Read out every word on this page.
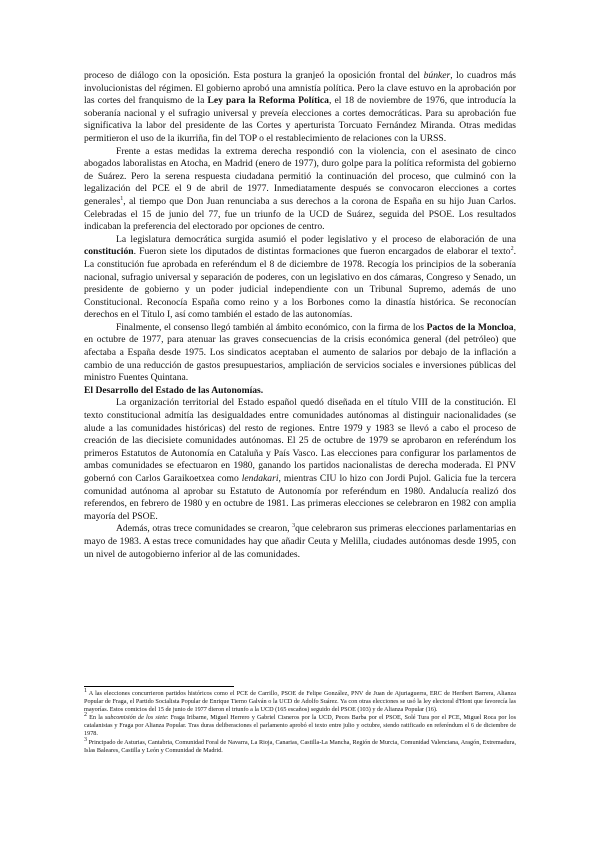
proceso de diálogo con la oposición. Esta postura la granjeó la oposición frontal del búnker, lo cuadros más involucionistas del régimen. El gobierno aprobó una amnistía política. Pero la clave estuvo en la aprobación por las cortes del franquismo de la Ley para la Reforma Política, el 18 de noviembre de 1976, que introducía la soberanía nacional y el sufragio universal y preveía elecciones a cortes democráticas. Para su aprobación fue significativa la labor del presidente de las Cortes y aperturista Torcuato Fernández Miranda. Otras medidas permitieron el uso de la ikurriña, fin del TOP o el restablecimiento de relaciones con la URSS.

Frente a estas medidas la extrema derecha respondió con la violencia, con el asesinato de cinco abogados laboralistas en Atocha, en Madrid (enero de 1977), duro golpe para la política reformista del gobierno de Suárez. Pero la serena respuesta ciudadana permitió la continuación del proceso, que culminó con la legalización del PCE el 9 de abril de 1977. Inmediatamente después se convocaron elecciones a cortes generales$^1$, al tiempo que Don Juan renunciaba a sus derechos a la corona de España en su hijo Juan Carlos. Celebradas el 15 de junio del 77, fue un triunfo de la UCD de Suárez, seguida del PSOE. Los resultados indicaban la preferencia del electorado por opciones de centro.

La legislatura democrática surgida asumió el poder legislativo y el proceso de elaboración de una constitución. Fueron siete los diputados de distintas formaciones que fueron encargados de elaborar el texto$^2$. La constitución fue aprobada en referéndum el 8 de diciembre de 1978. Recogía los principios de la soberanía nacional, sufragio universal y separación de poderes, con un legislativo en dos cámaras, Congreso y Senado, un presidente de gobierno y un poder judicial independiente con un Tribunal Supremo, además de uno Constitucional. Reconocía España como reino y a los Borbones como la dinastía histórica. Se reconocían derechos en el Título I, así como también el estado de las autonomías.

Finalmente, el consenso llegó también al ámbito económico, con la firma de los Pactos de la Moncloa, en octubre de 1977, para atenuar las graves consecuencias de la crisis económica general (del petróleo) que afectaba a España desde 1975. Los sindicatos aceptaban el aumento de salarios por debajo de la inflación a cambio de una reducción de gastos presupuestarios, ampliación de servicios sociales e inversiones públicas del ministro Fuentes Quintana.

El Desarrollo del Estado de las Autonomías.

La organización territorial del Estado español quedó diseñada en el título VIII de la constitución. El texto constitucional admitía las desigualdades entre comunidades autónomas al distinguir nacionalidades (se alude a las comunidades históricas) del resto de regiones. Entre 1979 y 1983 se llevó a cabo el proceso de creación de las diecisiete comunidades autónomas. El 25 de octubre de 1979 se aprobaron en referéndum los primeros Estatutos de Autonomía en Cataluña y País Vasco. Las elecciones para configurar los parlamentos de ambas comunidades se efectuaron en 1980, ganando los partidos nacionalistas de derecha moderada. El PNV gobernó con Carlos Garaikoetxea como lendakari, mientras CIU lo hizo con Jordi Pujol. Galicia fue la tercera comunidad autónoma al aprobar su Estatuto de Autonomía por referéndum en 1980. Andalucía realizó dos referendos, en febrero de 1980 y en octubre de 1981. Las primeras elecciones se celebraron en 1982 con amplia mayoría del PSOE.

Además, otras trece comunidades se crearon, $^3$que celebraron sus primeras elecciones parlamentarias en mayo de 1983. A estas trece comunidades hay que añadir Ceuta y Melilla, ciudades autónomas desde 1995, con un nivel de autogobierno inferior al de las comunidades.

$^1$ A las elecciones concurrieron partidos históricos como el PCE de Carrillo, PSOE de Felipe González, PNV de Juan de Ajuriaguerra, ERC de Heribert Barrera, Alianza Popular de Fraga, el Partido Socialista Popular de Enrique Tierno Galván o la UCD de Adolfo Suárez. Ya con otras elecciones se usó la ley electoral d'Hont que favorecía las mayorías. Estos comicios del 15 de junio de 1977 dieron el triunfo a la UCD (165 escaños) seguido del PSOE (103) y de Alianza Popular (16).

$^2$ En la subcomisión de los siete: Fraga Iribarne, Miguel Herrero y Gabriel Cisneros por la UCD, Peces Barba por el PSOE, Solé Tura por el PCE, Miguel Roca por los catalanistas y Fraga por Alianza Popular. Tras duras deliberaciones el parlamento aprobó el texto entre julio y octubre, siendo ratificado en referéndum el 6 de diciembre de 1978.

$^3$ Principado de Asturias, Cantabria, Comunidad Foral de Navarra, La Rioja, Canarias, Castilla-La Mancha, Región de Murcia, Comunidad Valenciana, Aragón, Extremadura, Islas Baleares, Castilla y León y Comunidad de Madrid.
